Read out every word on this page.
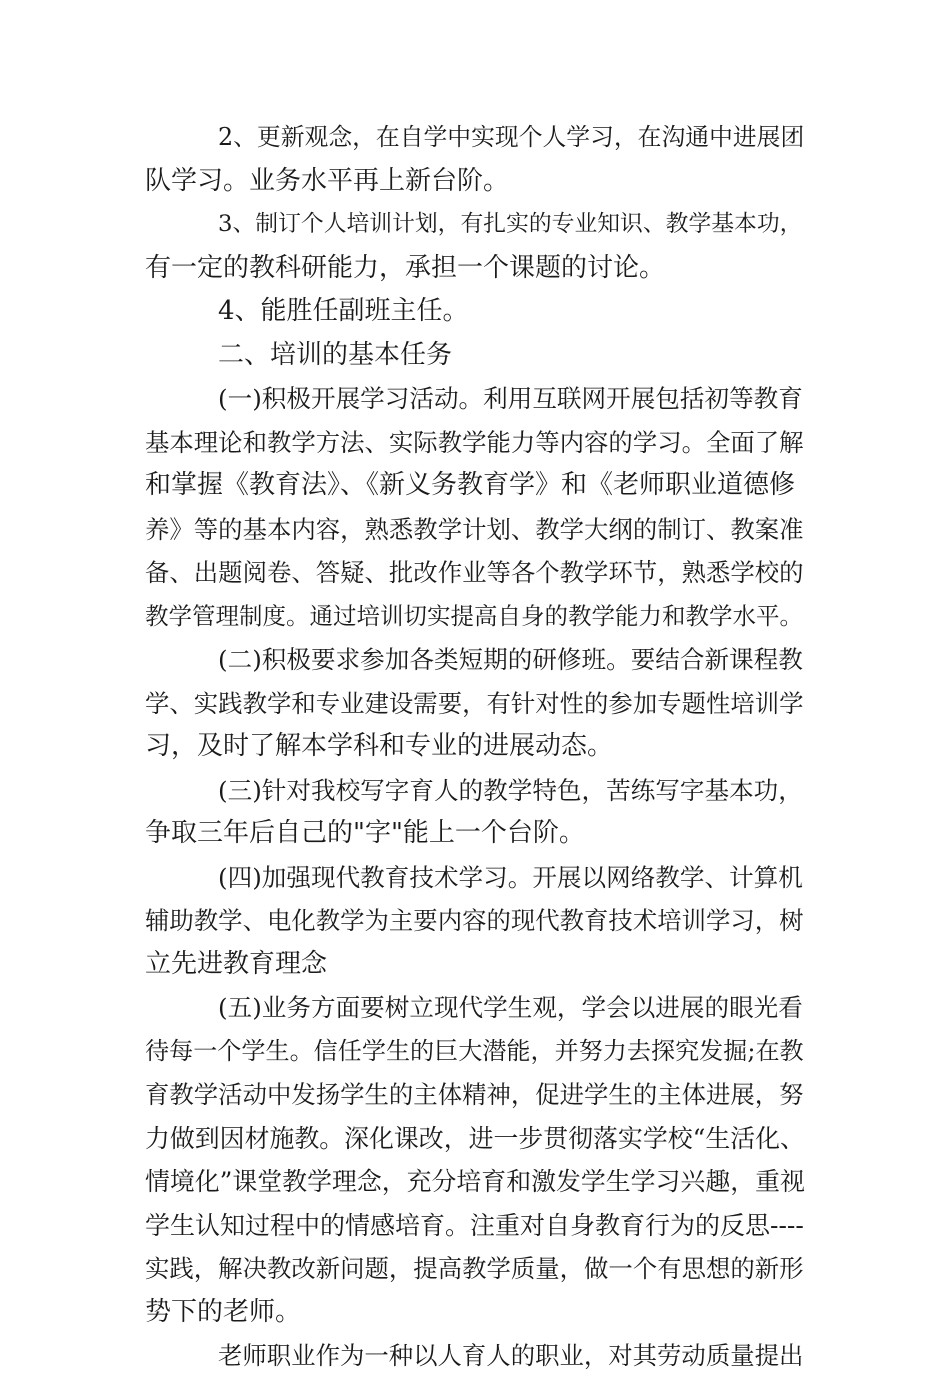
2、更新观念，在自学中实现个人学习，在沟通中进展团
队学习。业务水平再上新台阶。
3、制订个人培训计划，有扎实的专业知识、教学基本功，
有一定的教科研能力，承担一个课题的讨论。
4、能胜任副班主任。
二、培训的基本任务
(一)积极开展学习活动。利用互联网开展包括初等教育
基本理论和教学方法、实际教学能力等内容的学习。全面了解
和掌握《教育法》、《新义务教育学》和《老师职业道德修
养》等的基本内容，熟悉教学计划、教学大纲的制订、教案准
备、出题阅卷、答疑、批改作业等各个教学环节，熟悉学校的
教学管理制度。通过培训切实提高自身的教学能力和教学水平。
(二)积极要求参加各类短期的研修班。要结合新课程教
学、实践教学和专业建设需要，有针对性的参加专题性培训学
习，及时了解本学科和专业的进展动态。
(三)针对我校写字育人的教学特色，苦练写字基本功，
争取三年后自己的"字"能上一个台阶。
(四)加强现代教育技术学习。开展以网络教学、计算机
辅助教学、电化教学为主要内容的现代教育技术培训学习，树
立先进教育理念
(五)业务方面要树立现代学生观，学会以进展的眼光看
待每一个学生。信任学生的巨大潜能，并努力去探究发掘;在教
育教学活动中发扬学生的主体精神，促进学生的主体进展，努
力做到因材施教。深化课改，进一步贯彻落实学校“生活化、
情境化”课堂教学理念，充分培育和激发学生学习兴趣，重视
学生认知过程中的情感培育。注重对自身教育行为的反思----
实践，解决教改新问题，提高教学质量，做一个有思想的新形
势下的老师。
老师职业作为一种以人育人的职业，对其劳动质量提出
